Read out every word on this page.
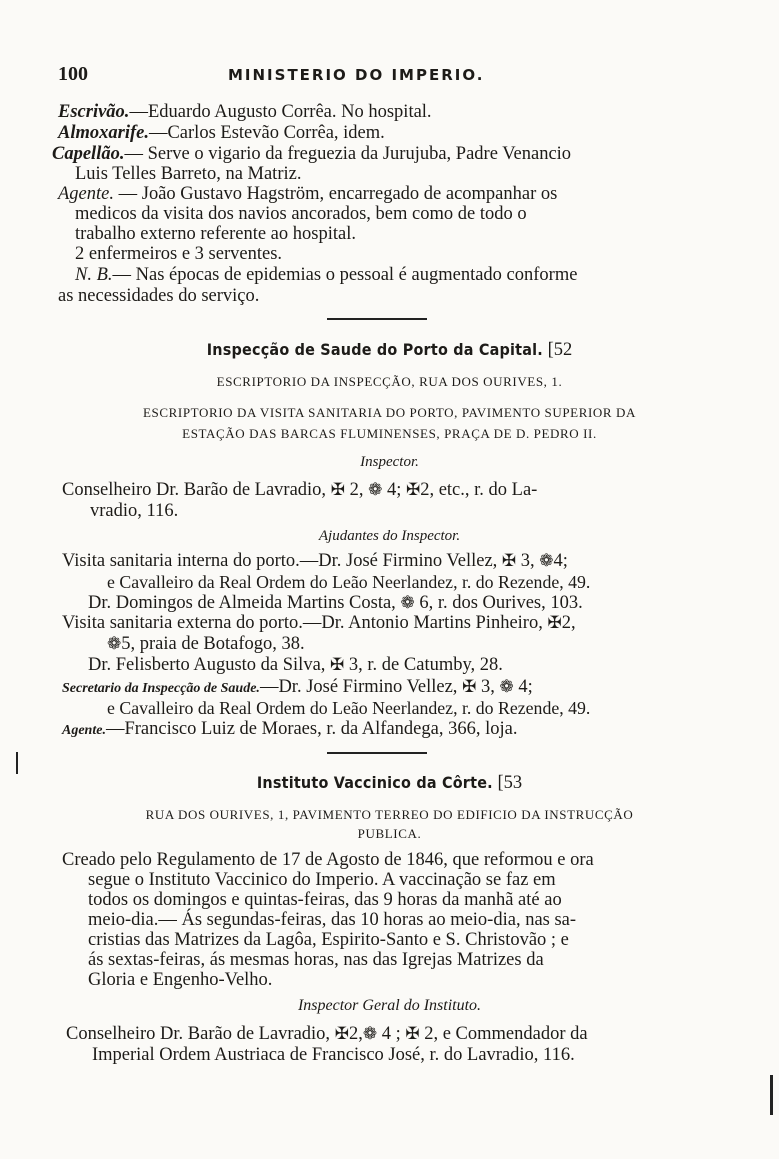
100	MINISTERIO DO IMPERIO.
Escrivão.—Eduardo Augusto Corrêa. No hospital.
Almoxarife.—Carlos Estevão Corrêa, idem.
Capellão.— Serve o vigario da freguezia da Jurujuba, Padre Venancio
Luis Telles Barreto, na Matriz.
Agente. — João Gustavo Hagström, encarregado de acompanhar os
medicos da visita dos navios ancorados, bem como de todo o
trabalho externo referente ao hospital.
2 enfermeiros e 3 serventes.
N. B.— Nas épocas de epidemias o pessoal é augmentado conforme
as necessidades do serviço.
Inspecção de Saude do Porto da Capital. [52
ESCRIPTORIO DA INSPECÇÃO, RUA DOS OURIVES, 1.
ESCRIPTORIO DA VISITA SANITARIA DO PORTO, PAVIMENTO SUPERIOR DA
ESTAÇÃO DAS BARCAS FLUMINENSES, PRAÇA DE D. PEDRO II.
Inspector.
Conselheiro Dr. Barão de Lavradio, ✠ 2, ❁ 4; ✠2, etc., r. do La-
vradio, 116.
Ajudantes do Inspector.
Visita sanitaria interna do porto.—Dr. José Firmino Vellez, ✠ 3, ❁4;
e Cavalleiro da Real Ordem do Leão Neerlandez, r. do Rezende, 49.
Dr. Domingos de Almeida Martins Costa, ❁ 6, r. dos Ourives, 103.
Visita sanitaria externa do porto.—Dr. Antonio Martins Pinheiro, ✠2,
❁5, praia de Botafogo, 38.
Dr. Felisberto Augusto da Silva, ✠ 3, r. de Catumby, 28.
Secretario da Inspecção de Saude.—Dr. José Firmino Vellez, ✠ 3, ❁ 4;
e Cavalleiro da Real Ordem do Leão Neerlandez, r. do Rezende, 49.
Agente.—Francisco Luiz de Moraes, r. da Alfandega, 366, loja.
Instituto Vaccinico da Côrte. [53
RUA DOS OURIVES, 1, PAVIMENTO TERREO DO EDIFICIO DA INSTRUCÇÃO
PUBLICA.
Creado pelo Regulamento de 17 de Agosto de 1846, que reformou e ora
segue o Instituto Vaccinico do Imperio. A vaccinação se faz em
todos os domingos e quintas-feiras, das 9 horas da manhã até ao
meio-dia.— Ás segundas-feiras, das 10 horas ao meio-dia, nas sa-
cristias das Matrizes da Lagôa, Espirito-Santo e S. Christovão ; e
ás sextas-feiras, ás mesmas horas, nas das Igrejas Matrizes da
Gloria e Engenho-Velho.
Inspector Geral do Instituto.
Conselheiro Dr. Barão de Lavradio, ✠2,❁ 4 ; ✠ 2, e Commendador da
Imperial Ordem Austriaca de Francisco José, r. do Lavradio, 116.
